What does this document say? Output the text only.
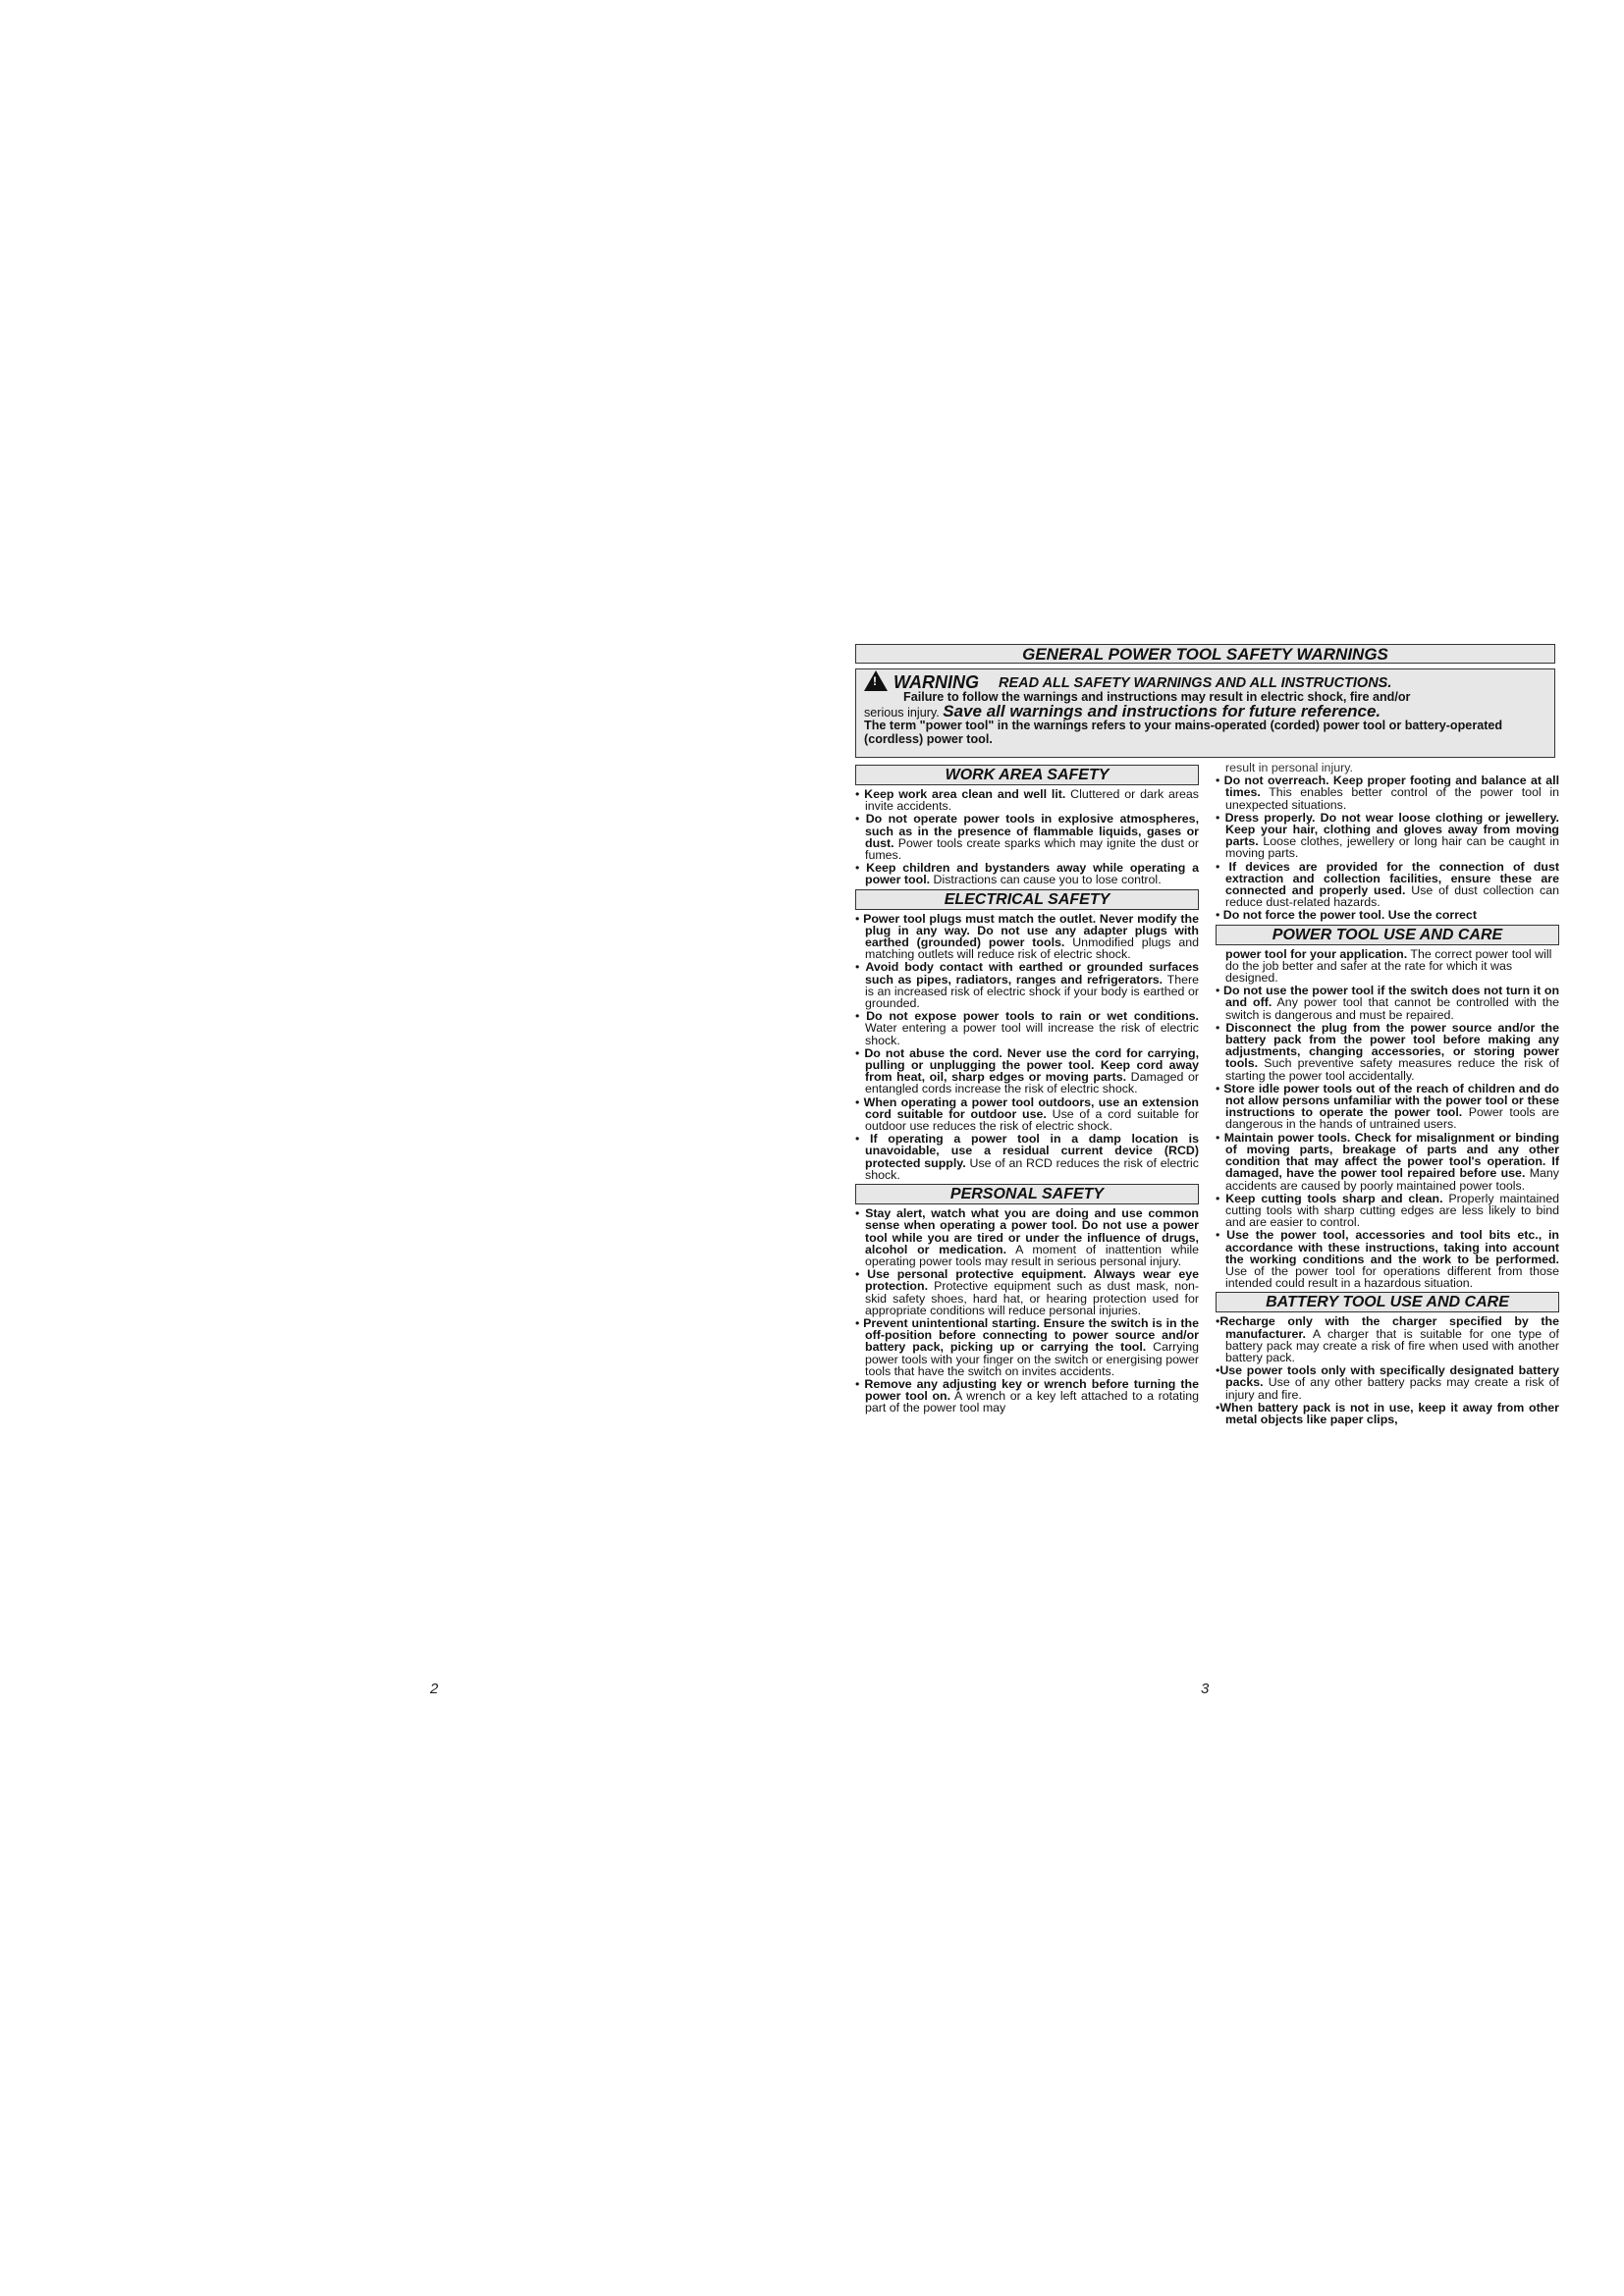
2	3
GENERAL POWER TOOL SAFETY WARNINGS
! WARNING READ ALL SAFETY WARNINGS AND ALL INSTRUCTIONS.
Failure to follow the warnings and instructions may result in electric shock, ﬁre and/or
serious injury. Save all warnings and instructions for future reference.
The term "power tool" in the warnings refers to your mains-operated (corded) power tool or battery-operated (cordless) power tool.
WORK AREA SAFETY
• Keep work area clean and well lit. Cluttered or dark areas invite accidents.
• Do not operate power tools in explosive atmospheres, such as in the presence of ﬂammable liquids, gases or dust. Power tools create sparks which may ignite the dust or fumes.
• Keep children and bystanders away while operating a power tool. Distractions can cause you to lose control.
ELECTRICAL SAFETY
• Power tool plugs must match the outlet. Never modify the plug in any way. Do not use any adapter plugs with earthed (grounded) power tools. Unmodiﬁed plugs and matching outlets will reduce risk of electric shock.
• Avoid body contact with earthed or grounded surfaces such as pipes, radiators, ranges and refrigerators. There is an increased risk of electric shock if your body is earthed or grounded.
• Do not expose power tools to rain or wet conditions. Water entering a power tool will increase the risk of electric shock.
• Do not abuse the cord. Never use the cord for carrying, pulling or unplugging the power tool. Keep cord away from heat, oil, sharp edges or moving parts. Damaged or entangled cords increase the risk of electric shock.
• When operating a power tool outdoors, use an extension cord suitable for outdoor use. Use of a cord suitable for outdoor use reduces the risk of electric shock.
• If operating a power tool in a damp location is unavoidable, use a residual current device (RCD) protected supply. Use of an RCD reduces the risk of electric shock.
PERSONAL SAFETY
• Stay alert, watch what you are doing and use common sense when operating a power tool. Do not use a power tool while you are tired or under the inﬂuence of drugs, alcohol or medication. A moment of inattention while operating power tools may result in serious personal injury.
• Use personal protective equipment. Always wear eye protection. Protective equipment such as dust mask, non-skid safety shoes, hard hat, or hearing protection used for appropriate conditions will reduce personal injuries.
• Prevent unintentional starting. Ensure the switch is in the off-position before connecting to power source and/or battery pack, picking up or carrying the tool. Carrying power tools with your ﬁnger on the switch or energising power tools that have the switch on invites accidents.
• Remove any adjusting key or wrench before turning the power tool on. A wrench or a key left attached to a rotating part of the power tool may
result in personal injury.
• Do not overreach. Keep proper footing and balance at all times. This enables better control of the power tool in unexpected situations.
• Dress properly. Do not wear loose clothing or jewellery. Keep your hair, clothing and gloves away from moving parts. Loose clothes, jewellery or long hair can be caught in moving parts.
• If devices are provided for the connection of dust extraction and collection facilities, ensure these are connected and properly used. Use of dust collection can reduce dust-related hazards.
• Do not force the power tool. Use the correct
POWER TOOL USE AND CARE
power tool for your application. The correct power tool will do the job better and safer at the rate for which it was designed.
• Do not use the power tool if the switch does not turn it on and off. Any power tool that cannot be controlled with the switch is dangerous and must be repaired.
• Disconnect the plug from the power source and/or the battery pack from the power tool before making any adjustments, changing accessories, or storing power tools. Such preventive safety measures reduce the risk of starting the power tool accidentally.
• Store idle power tools out of the reach of children and do not allow persons unfamiliar with the power tool or these instructions to operate the power tool. Power tools are dangerous in the hands of untrained users.
• Maintain power tools. Check for misalignment or binding of moving parts, breakage of parts and any other condition that may affect the power tool's operation. If damaged, have the power tool repaired before use. Many accidents are caused by poorly maintained power tools.
• Keep cutting tools sharp and clean. Properly maintained cutting tools with sharp cutting edges are less likely to bind and are easier to control.
• Use the power tool, accessories and tool bits etc., in accordance with these instructions, taking into account the working conditions and the work to be performed. Use of the power tool for operations different from those intended could result in a hazardous situation.
BATTERY TOOL USE AND CARE
•Recharge only with the charger speciﬁed by the manufacturer. A charger that is suitable for one type of battery pack may create a risk of ﬁre when used with another battery pack.
•Use power tools only with speciﬁcally designated battery packs. Use of any other battery packs may create a risk of injury and ﬁre.
•When battery pack is not in use, keep it away from other metal objects like paper clips,
